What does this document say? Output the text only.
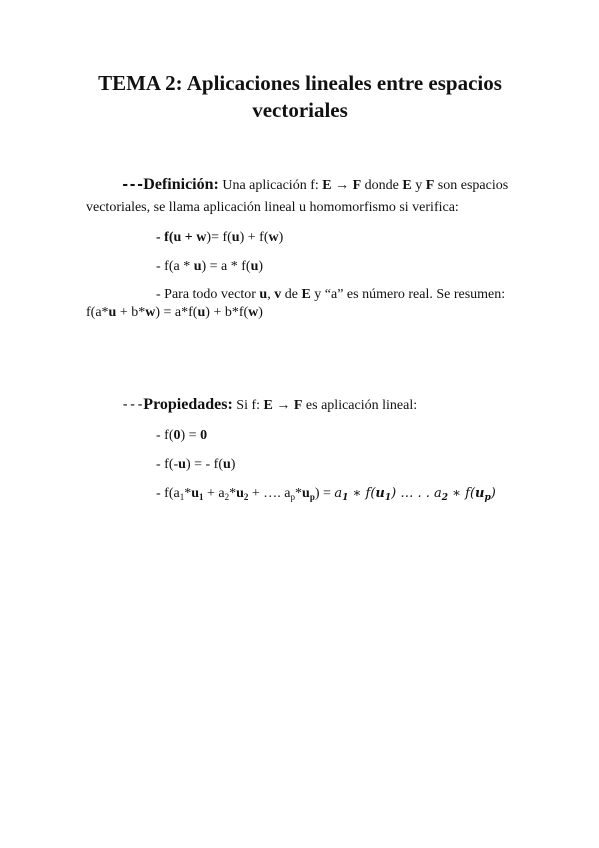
TEMA 2: Aplicaciones lineales entre espacios
vectoriales
---Definición: Una aplicación f: E → F donde E y F son espacios
vectoriales, se llama aplicación lineal u homomorfismo si verifica:
- f(u + w)= f(u) + f(w)
- f(a * u) = a * f(u)
- Para todo vector u, v de E y “a” es número real. Se resumen:
f(a*u + b*w) = a*f(u) + b*f(w)
---Propiedades: Si f: E → F es aplicación lineal:
- f(0) = 0
- f(-u) = - f(u)
- $f(a_1*u_1 + a_2*u_2$ + …. $a_p*u_p) = a_1$ ∗ $f(u_1)$ … . . $a_2$ ∗ $f(u_p)$
